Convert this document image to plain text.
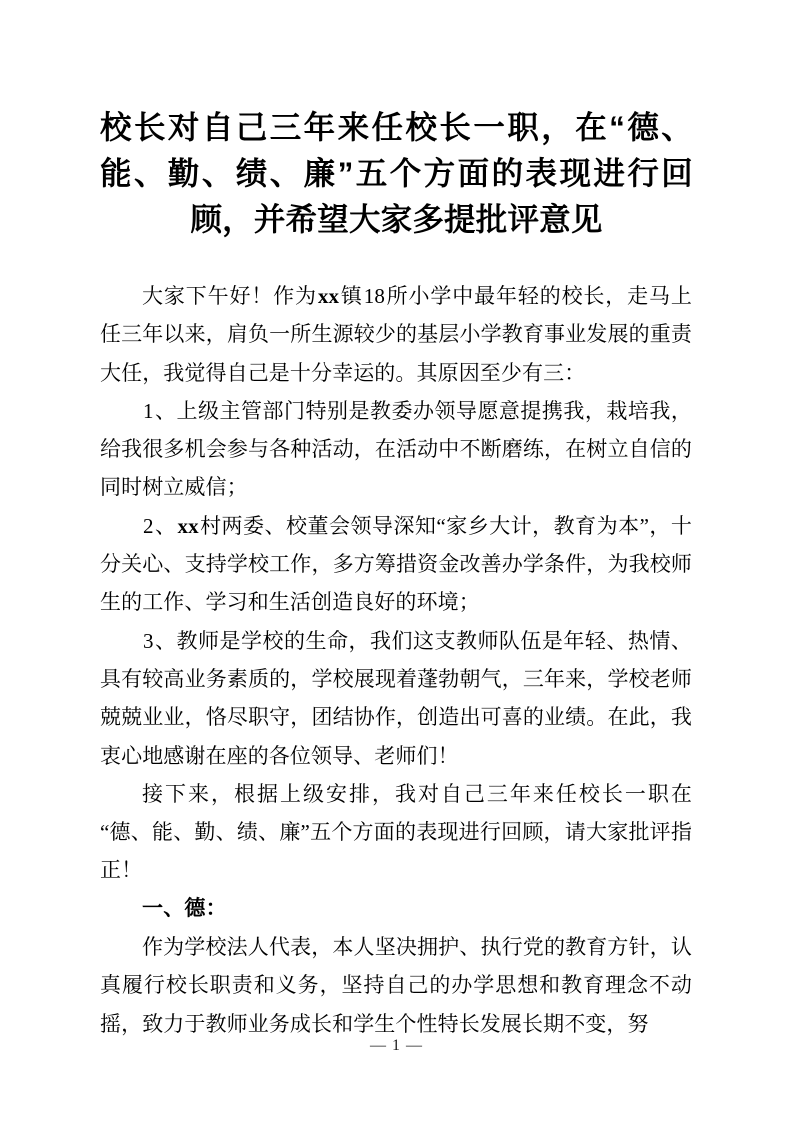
校长对自己三年来任校长一职，在“德、能、勤、绩、廉”五个方面的表现进行回顾，并希望大家多提批评意见

大家下午好！作为xx镇18所小学中最年轻的校长，走马上任三年以来，肩负一所生源较少的基层小学教育事业发展的重责大任，我觉得自己是十分幸运的。其原因至少有三：

1、上级主管部门特别是教委办领导愿意提携我，栽培我，给我很多机会参与各种活动，在活动中不断磨练，在树立自信的同时树立威信；

2、xx村两委、校董会领导深知“家乡大计，教育为本”，十分关心、支持学校工作，多方筹措资金改善办学条件，为我校师生的工作、学习和生活创造良好的环境；

3、教师是学校的生命，我们这支教师队伍是年轻、热情、具有较高业务素质的，学校展现着蓬勃朝气，三年来，学校老师兢兢业业，恪尽职守，团结协作，创造出可喜的业绩。在此，我衷心地感谢在座的各位领导、老师们！

接下来，根据上级安排，我对自己三年来任校长一职在“德、能、勤、绩、廉”五个方面的表现进行回顾，请大家批评指正！

一、德：

作为学校法人代表，本人坚决拥护、执行党的教育方针，认真履行校长职责和义务，坚持自己的办学思想和教育理念不动摇，致力于教师业务成长和学生个性特长发展长期不变，努

— 1 —
